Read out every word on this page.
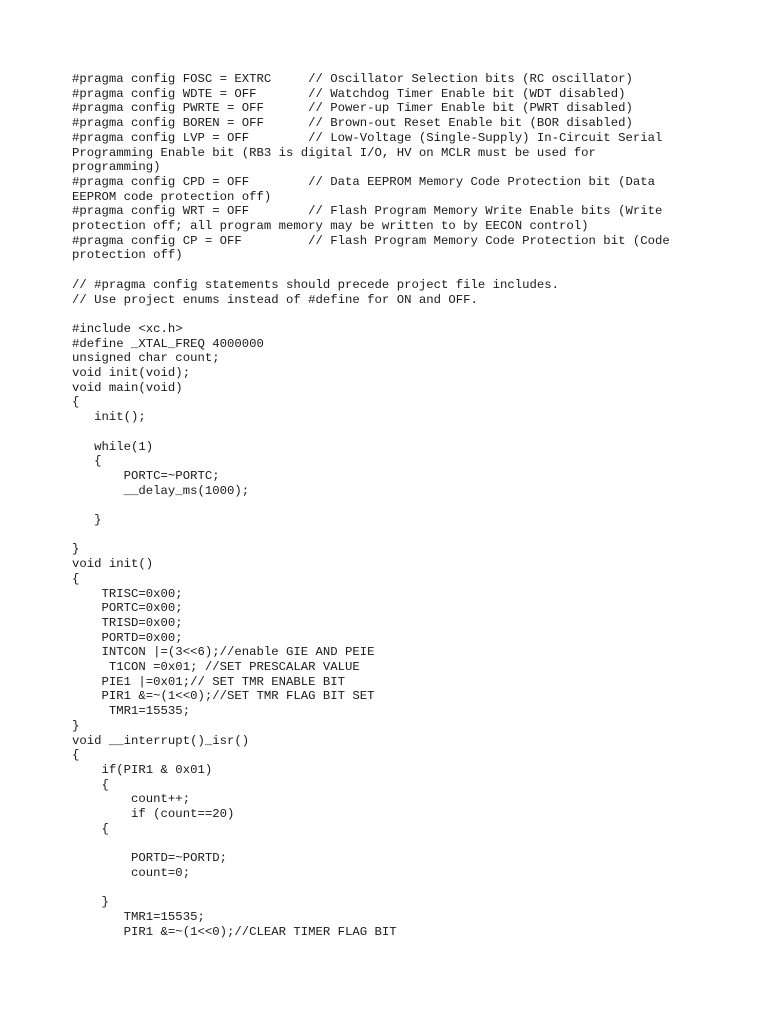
#pragma config FOSC = EXTRC     // Oscillator Selection bits (RC oscillator)
#pragma config WDTE = OFF       // Watchdog Timer Enable bit (WDT disabled)
#pragma config PWRTE = OFF      // Power-up Timer Enable bit (PWRT disabled)
#pragma config BOREN = OFF      // Brown-out Reset Enable bit (BOR disabled)
#pragma config LVP = OFF        // Low-Voltage (Single-Supply) In-Circuit Serial
Programming Enable bit (RB3 is digital I/O, HV on MCLR must be used for
programming)
#pragma config CPD = OFF        // Data EEPROM Memory Code Protection bit (Data
EEPROM code protection off)
#pragma config WRT = OFF        // Flash Program Memory Write Enable bits (Write
protection off; all program memory may be written to by EECON control)
#pragma config CP = OFF         // Flash Program Memory Code Protection bit (Code
protection off)
// #pragma config statements should precede project file includes.
// Use project enums instead of #define for ON and OFF.
#include <xc.h>
#define _XTAL_FREQ 4000000
unsigned char count;
void init(void);
void main(void)
{
init();
while(1)
{
PORTC=~PORTC;
__delay_ms(1000);
}
}
void init()
{
TRISC=0x00;
PORTC=0x00;
TRISD=0x00;
PORTD=0x00;
INTCON |=(3<<6);//enable GIE AND PEIE
T1CON =0x01; //SET PRESCALAR VALUE
PIE1 |=0x01;// SET TMR ENABLE BIT
PIR1 &=~(1<<0);//SET TMR FLAG BIT SET
TMR1=15535;
}
void __interrupt()_isr()
{
if(PIR1 & 0x01)
{
count++;
if (count==20)
{
PORTD=~PORTD;
count=0;
}
TMR1=15535;
PIR1 &=~(1<<0);//CLEAR TIMER FLAG BIT
